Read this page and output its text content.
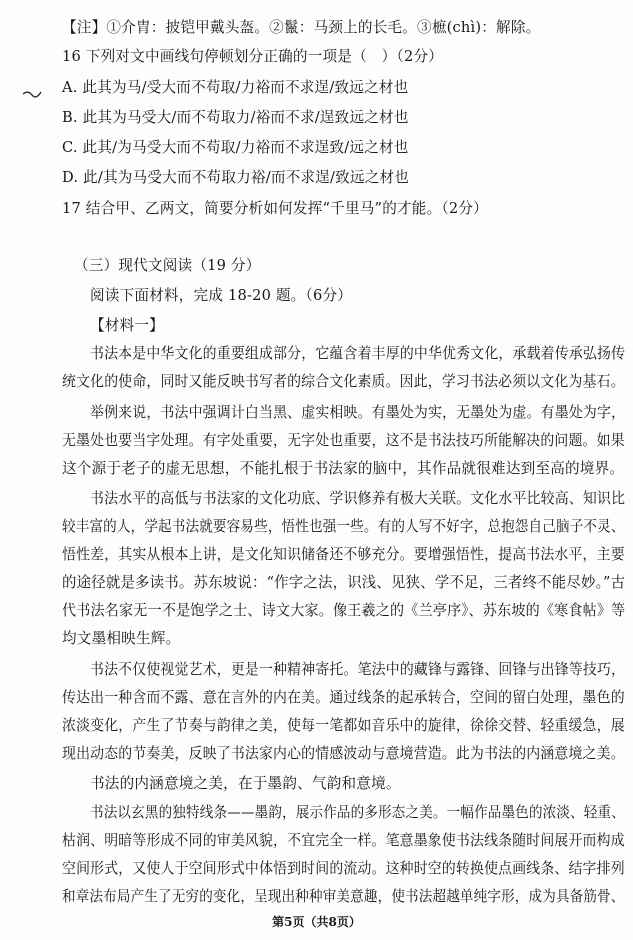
【注】①介胄：披铠甲戴头盔。②鬣：马颈上的长毛。③樜(chì)：解除。
16 下列对文中画线句停顿划分正确的一项是（　）（2分）
A. 此其为马/受大而不苟取/力裕而不求逞/致远之材也
B. 此其为马受大/而不苟取力/裕而不求/逞致远之材也
C. 此其/为马受大而不苟取/力裕而不求逞致/远之材也
D. 此/其为马受大而不苟取力裕/而不求逞/致远之材也
17 结合甲、乙两文，简要分析如何发挥“千里马”的才能。（2分）
（三）现代文阅读（19 分）
阅读下面材料，完成 18-20 题。（6分）
【材料一】
书法本是中华文化的重要组成部分，它蕴含着丰厚的中华优秀文化，承载着传承弘扬传
统文化的使命，同时又能反映书写者的综合文化素质。因此，学习书法必须以文化为基石。
举例来说，书法中强调计白当黑、虚实相映。有墨处为实，无墨处为虚。有墨处为字，
无墨处也要当字处理。有字处重要，无字处也重要，这不是书法技巧所能解决的问题。如果
这个源于老子的虚无思想，不能扎根于书法家的脑中，其作品就很难达到至高的境界。
书法水平的高低与书法家的文化功底、学识修养有极大关联。文化水平比较高、知识比
较丰富的人，学起书法就要容易些，悟性也强一些。有的人写不好字，总抱怨自己脑子不灵、
悟性差，其实从根本上讲，是文化知识储备还不够充分。要增强悟性，提高书法水平，主要
的途径就是多读书。苏东坡说：“作字之法，识浅、见狭、学不足，三者终不能尽妙。”古
代书法名家无一不是饱学之士、诗文大家。像王羲之的《兰亭序》、苏东坡的《寒食帖》等
均文墨相映生辉。
书法不仅使视觉艺术，更是一种精神寄托。笔法中的藏锋与露锋、回锋与出锋等技巧，
传达出一种含而不露、意在言外的内在美。通过线条的起承转合，空间的留白处理，墨色的
浓淡变化，产生了节奏与韵律之美，使每一笔都如音乐中的旋律，徐徐交替、轻重缓急，展
现出动态的节奏美，反映了书法家内心的情感波动与意境营造。此为书法的内涵意境之美。
书法的内涵意境之美，在于墨韵、气韵和意境。
书法以玄黑的独特线条——墨韵，展示作品的多形态之美。一幅作品墨色的浓淡、轻重、
枯润、明暗等形成不同的审美风貌，不宜完全一样。笔意墨象使书法线条随时间展开而构成
空间形式，又使人于空间形式中体悟到时间的流动。这种时空的转换使点画线条、结字排列
和章法布局产生了无穷的变化，呈现出种种审美意趣，使书法超越单纯字形，成为具备筋骨、
第5页（共8页）
